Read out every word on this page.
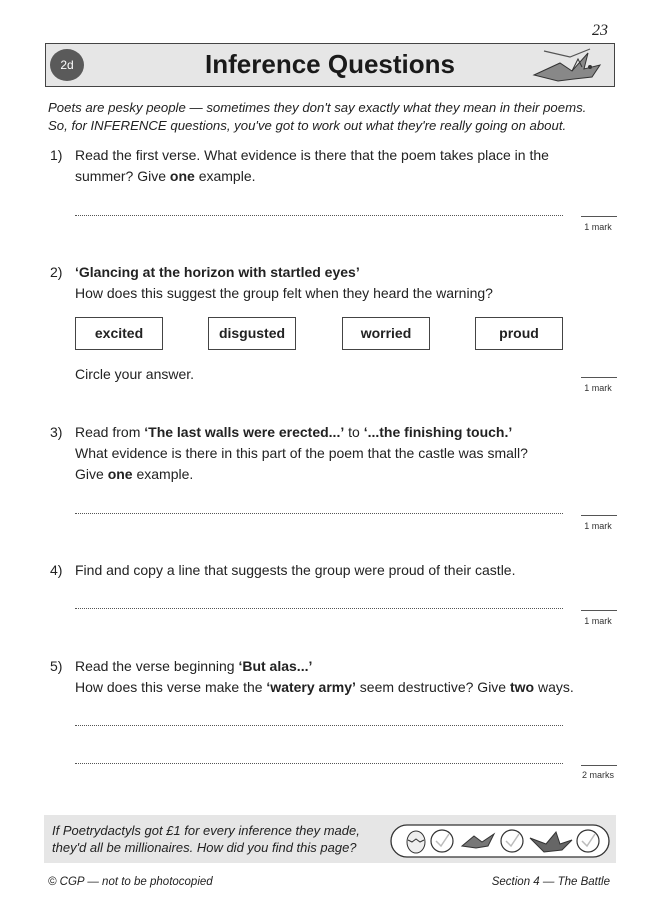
23
2d	Inference Questions
Poets are pesky people — sometimes they don't say exactly what they mean in their poems.
So, for INFERENCE questions, you've got to work out what they're really going on about.
1) Read the first verse. What evidence is there that the poem takes place in the
summer? Give one example.
1 mark
2) ‘Glancing at the horizon with startled eyes’
How does this suggest the group felt when they heard the warning?
excited	disgusted	worried	proud
Circle your answer.
1 mark
3) Read from ‘The last walls were erected...’ to ‘...the finishing touch.’
What evidence is there in this part of the poem that the castle was small?
Give one example.
1 mark
4) Find and copy a line that suggests the group were proud of their castle.
1 mark
5) Read the verse beginning ‘But alas...’
How does this verse make the ‘watery army’ seem destructive? Give two ways.
2 marks
If Poetrydactyls got £1 for every inference they made,
they'd all be millionaires. How did you find this page?
© CGP — not to be photocopied	Section 4 — The Battle
